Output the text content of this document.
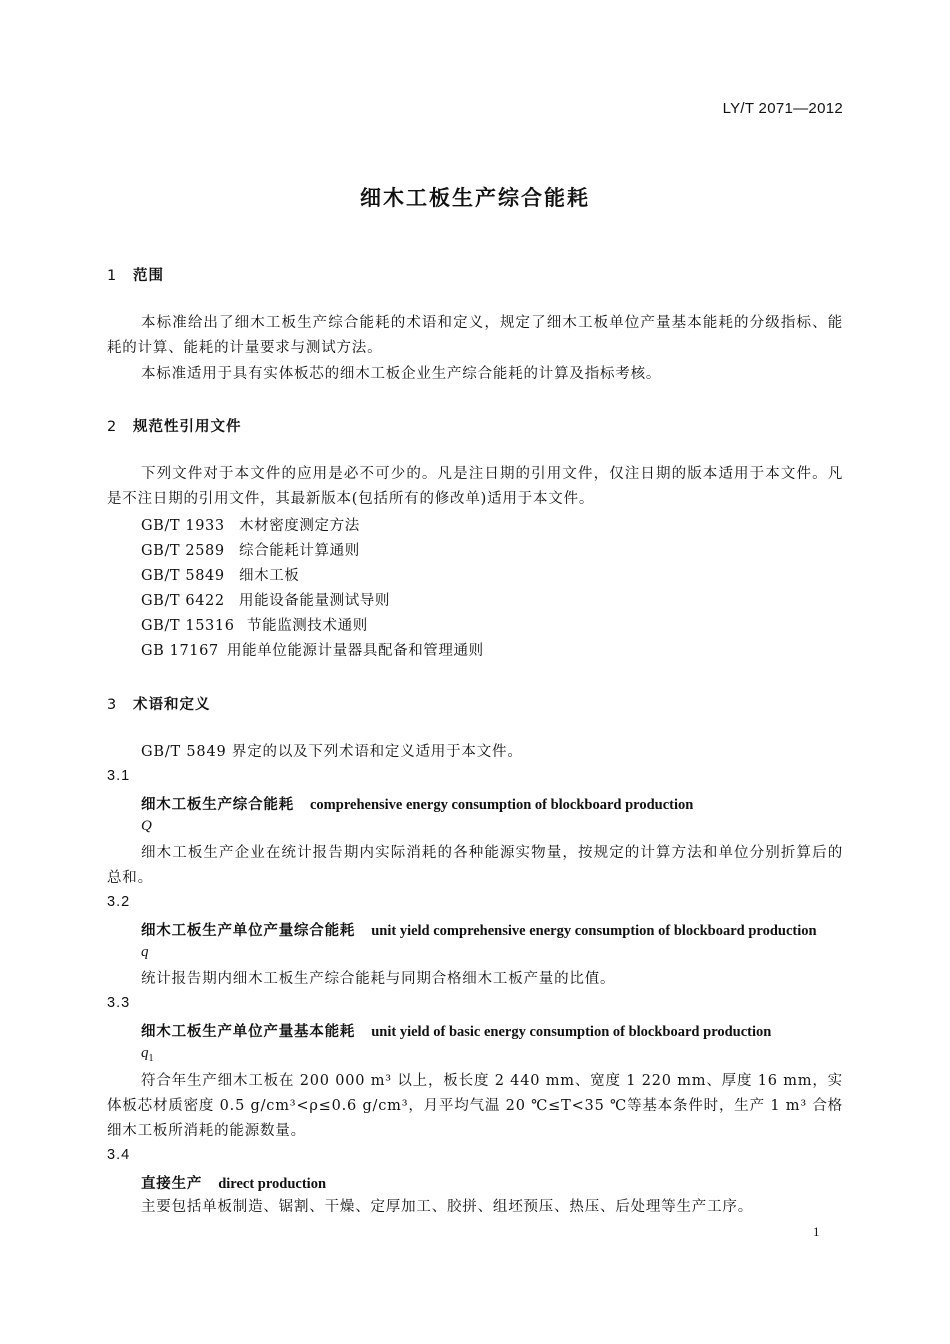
LY/T 2071—2012
细木工板生产综合能耗
1 范围
本标准给出了细木工板生产综合能耗的术语和定义，规定了细木工板单位产量基本能耗的分级指标、能耗的计算、能耗的计量要求与测试方法。
本标准适用于具有实体板芯的细木工板企业生产综合能耗的计算及指标考核。
2 规范性引用文件
下列文件对于本文件的应用是必不可少的。凡是注日期的引用文件，仅注日期的版本适用于本文件。凡是不注日期的引用文件，其最新版本(包括所有的修改单)适用于本文件。
GB/T 1933 木材密度测定方法
GB/T 2589 综合能耗计算通则
GB/T 5849 细木工板
GB/T 6422 用能设备能量测试导则
GB/T 15316 节能监测技术通则
GB 17167 用能单位能源计量器具配备和管理通则
3 术语和定义
GB/T 5849 界定的以及下列术语和定义适用于本文件。
3.1
细木工板生产综合能耗 comprehensive energy consumption of blockboard production
Q
细木工板生产企业在统计报告期内实际消耗的各种能源实物量，按规定的计算方法和单位分别折算后的总和。
3.2
细木工板生产单位产量综合能耗 unit yield comprehensive energy consumption of blockboard production
q
统计报告期内细木工板生产综合能耗与同期合格细木工板产量的比值。
3.3
细木工板生产单位产量基本能耗 unit yield of basic energy consumption of blockboard production
$q_1$
符合年生产细木工板在 200 000 m³ 以上，板长度 2 440 mm、宽度 1 220 mm、厚度 16 mm，实体板芯材质密度 0.5 g/cm³<ρ≤0.6 g/cm³，月平均气温 20 ℃≤T<35 ℃等基本条件时，生产 1 m³ 合格细木工板所消耗的能源数量。
3.4
直接生产 direct production
主要包括单板制造、锯割、干燥、定厚加工、胶拼、组坯预压、热压、后处理等生产工序。
1
